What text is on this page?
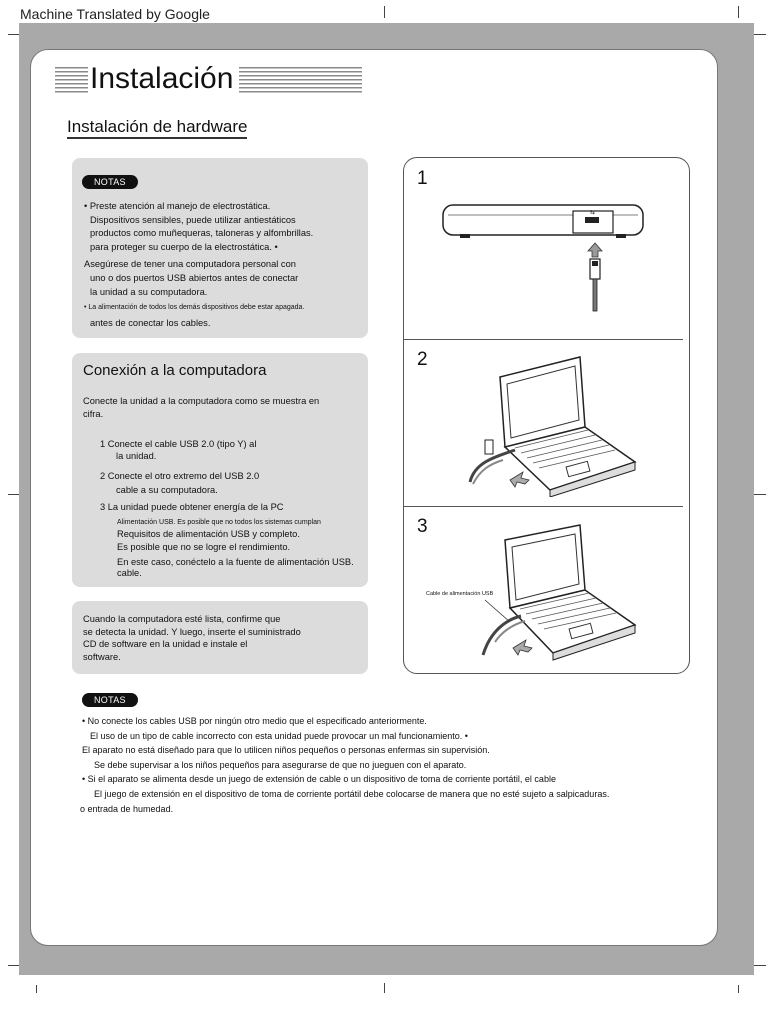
Machine Translated by Google
Instalación
Instalación de hardware
NOTAS
• Preste atención al manejo de electrostática.
Dispositivos sensibles, puede utilizar antiestáticos
productos como muñequeras, taloneras y alfombrillas.
para proteger su cuerpo de la electrostática. •
Asegúrese de tener una computadora personal con
uno o dos puertos USB abiertos antes de conectar
la unidad a su computadora.
• La alimentación de todos los demás dispositivos debe estar apagada.
antes de conectar los cables.
Conexión a la computadora
Conecte la unidad a la computadora como se muestra en
cifra.
1 Conecte el cable USB 2.0 (tipo Y) al
la unidad.
2 Conecte el otro extremo del USB 2.0
cable a su computadora.
3 La unidad puede obtener energía de la PC
Alimentación USB. Es posible que no todos los sistemas cumplan
Requisitos de alimentación USB y completo.
Es posible que no se logre el rendimiento.
En este caso, conéctelo a la fuente de alimentación USB.
cable.
Cuando la computadora esté lista, confirme que
se detecta la unidad. Y luego, inserte el suministrado
CD de software en la unidad e instale el
software.
1
2
3
⇆
Cable de alimentación USB
NOTAS
• No conecte los cables USB por ningún otro medio que el especificado anteriormente.
El uso de un tipo de cable incorrecto con esta unidad puede provocar un mal funcionamiento. •
El aparato no está diseñado para que lo utilicen niños pequeños o personas enfermas sin supervisión.
Se debe supervisar a los niños pequeños para asegurarse de que no jueguen con el aparato.
• Si el aparato se alimenta desde un juego de extensión de cable o un dispositivo de toma de corriente portátil, el cable
El juego de extensión en el dispositivo de toma de corriente portátil debe colocarse de manera que no esté sujeto a salpicaduras.
o entrada de humedad.
